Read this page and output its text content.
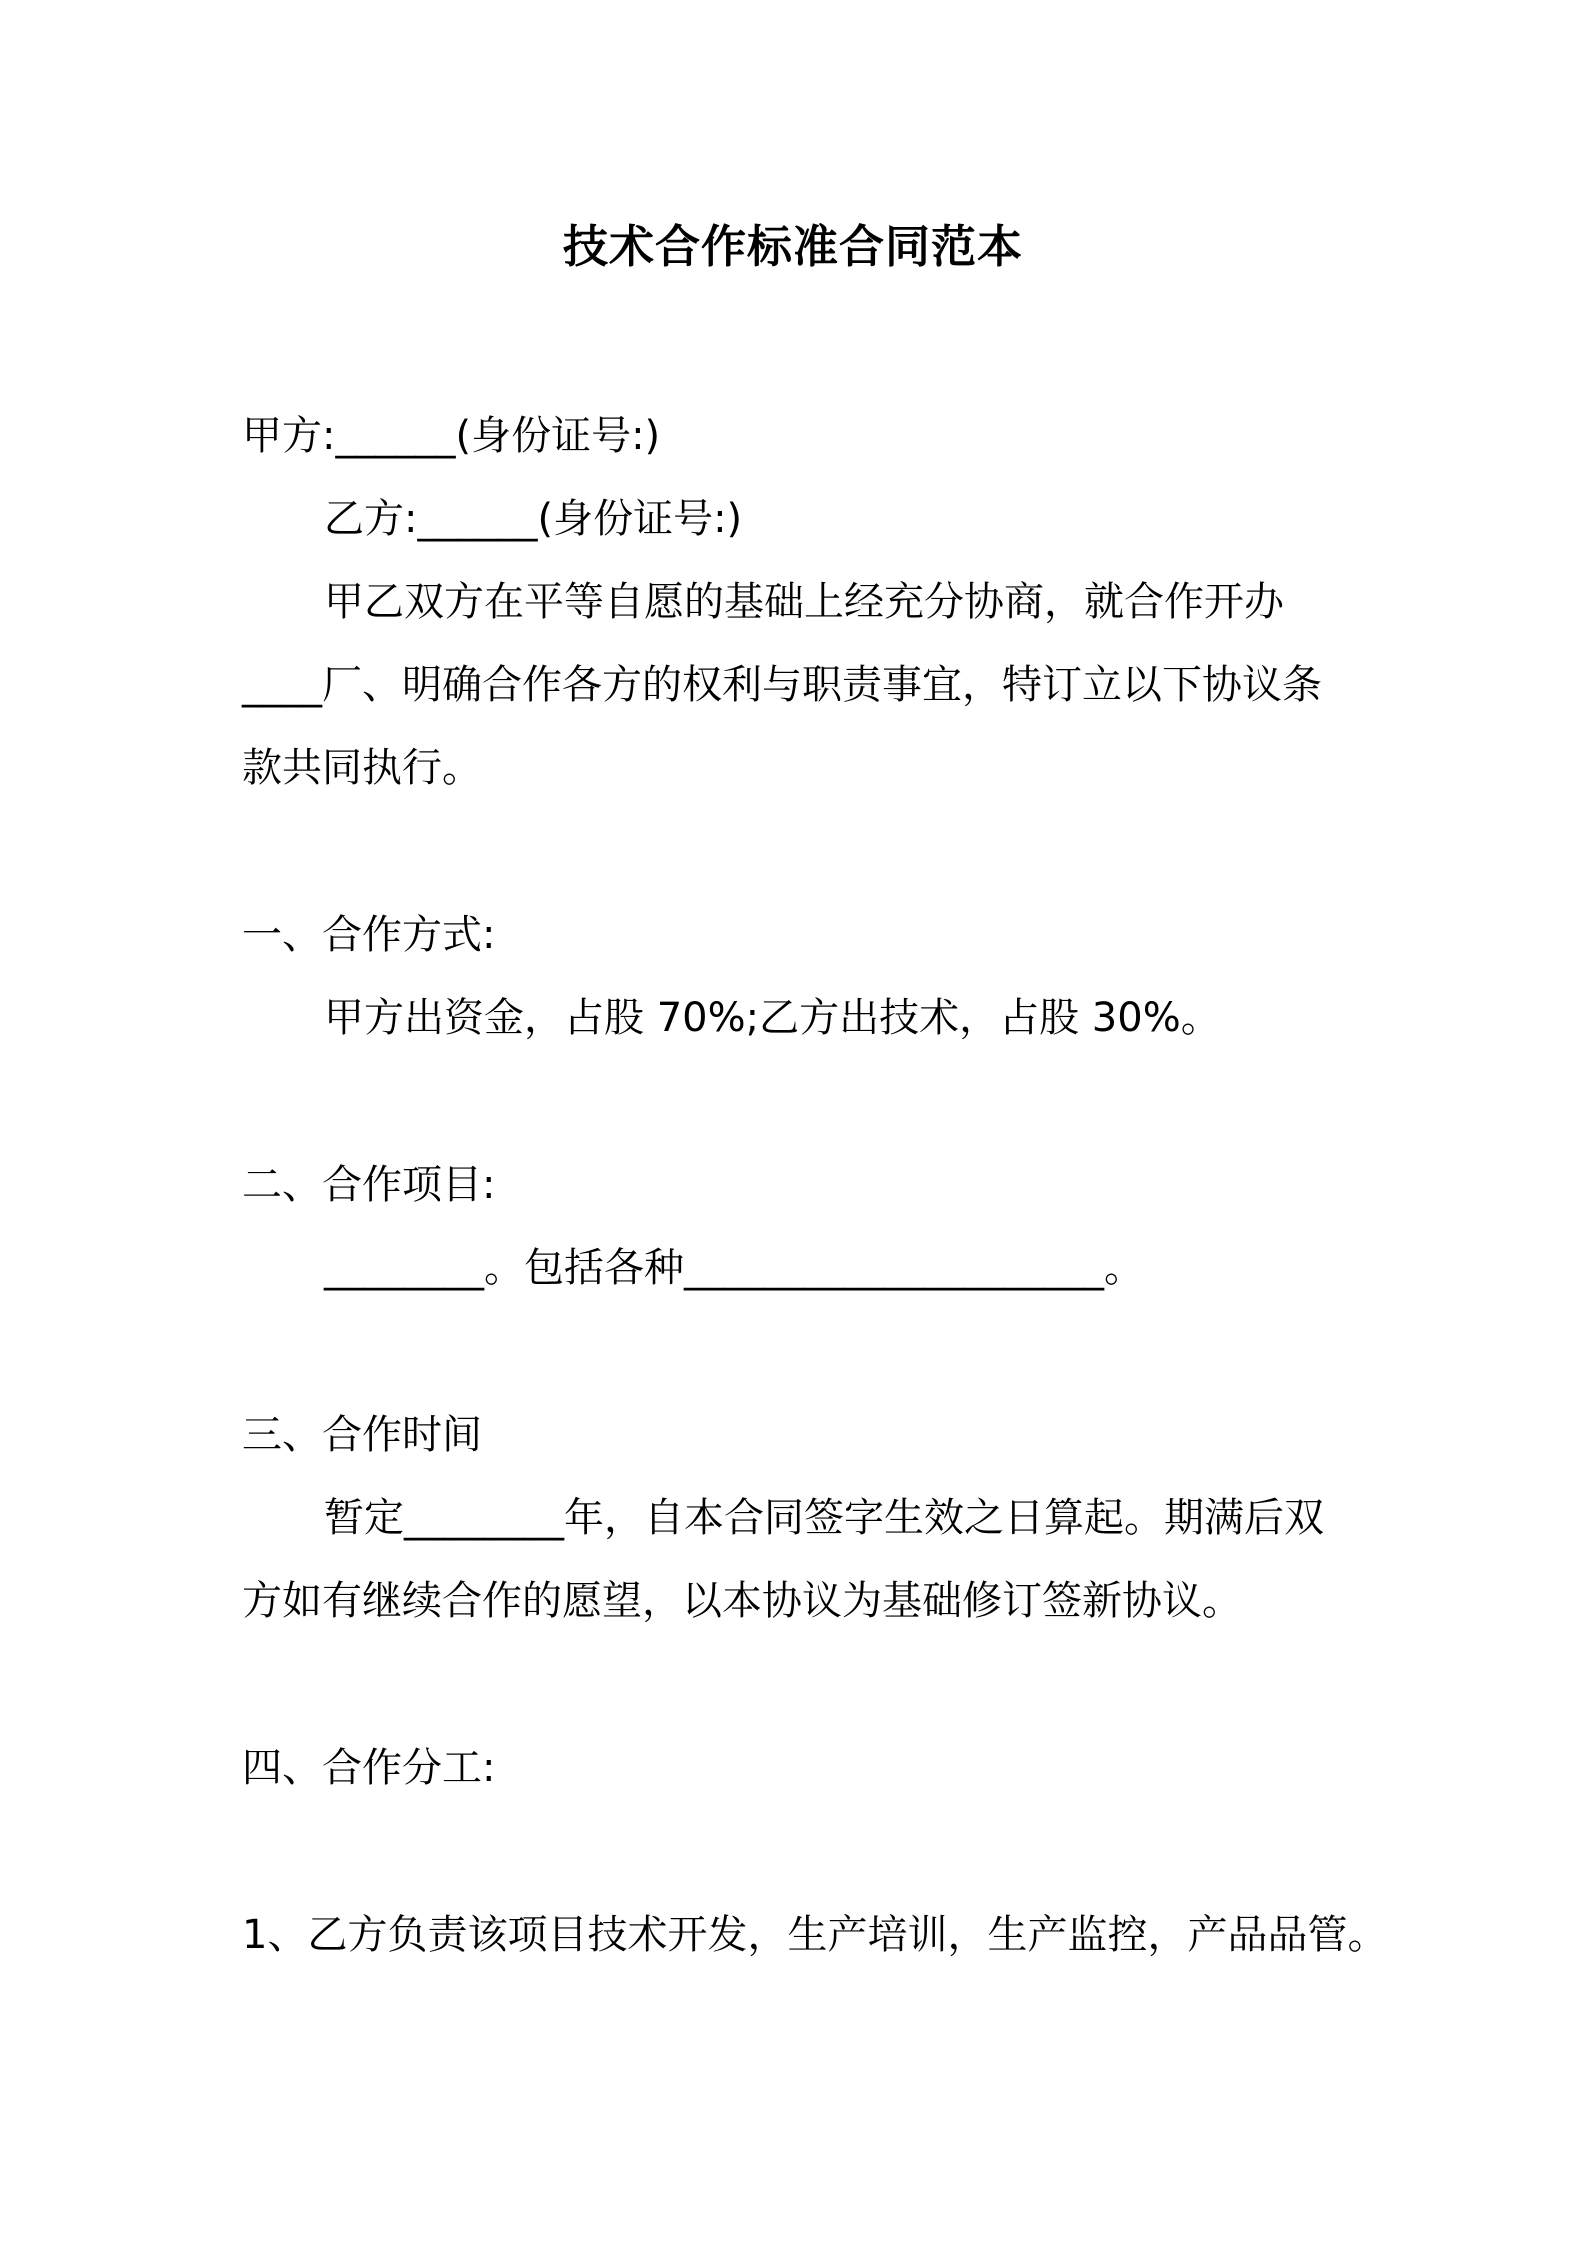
技术合作标准合同范本
甲方:______(身份证号:)
乙方:______(身份证号:)
甲乙双方在平等自愿的基础上经充分协商，就合作开办
____厂、明确合作各方的权利与职责事宜，特订立以下协议条
款共同执行。
一、合作方式:
甲方出资金，占股 70%;乙方出技术，占股 30%。
二、合作项目:
________。包括各种_____________________。
三、合作时间
暂定________年，自本合同签字生效之日算起。期满后双
方如有继续合作的愿望，以本协议为基础修订签新协议。
四、合作分工:
1、乙方负责该项目技术开发，生产培训，生产监控，产品品管。
